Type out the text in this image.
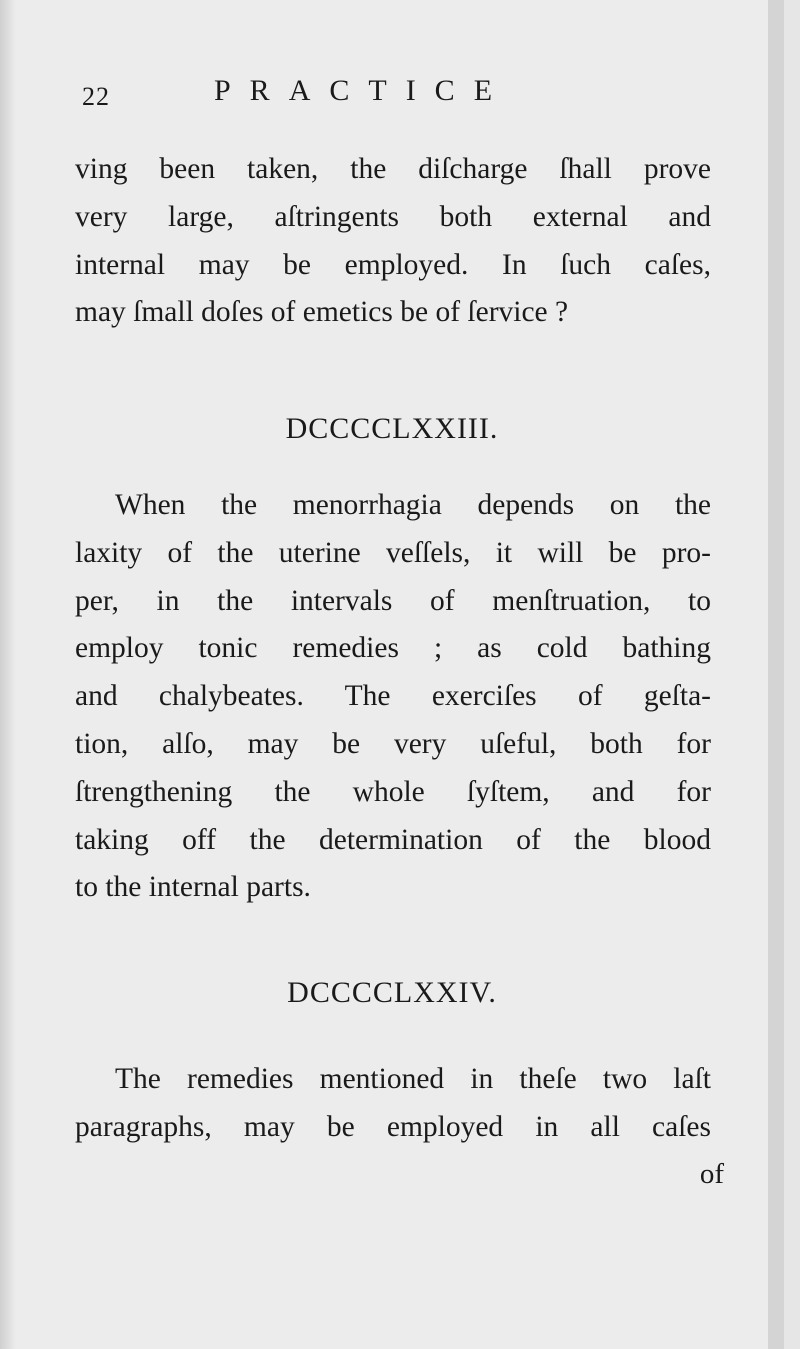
22	PRACTICE
ving been taken, the diſcharge ſhall prove
very large, aſtringents both external and
internal may be employed. In ſuch caſes,
may ſmall doſes of emetics be of ſervice ?
DCCCCLXXIII.
When the menorrhagia depends on the
laxity of the uterine veſſels, it will be pro-
per, in the intervals of menſtruation, to
employ tonic remedies ; as cold bathing
and chalybeates. The exerciſes of geſta-
tion, alſo, may be very uſeful, both for
ſtrengthening the whole ſyſtem, and for
taking off the determination of the blood
to the internal parts.
DCCCCLXXIV.
The remedies mentioned in theſe two laſt
paragraphs, may be employed in all caſes
of
